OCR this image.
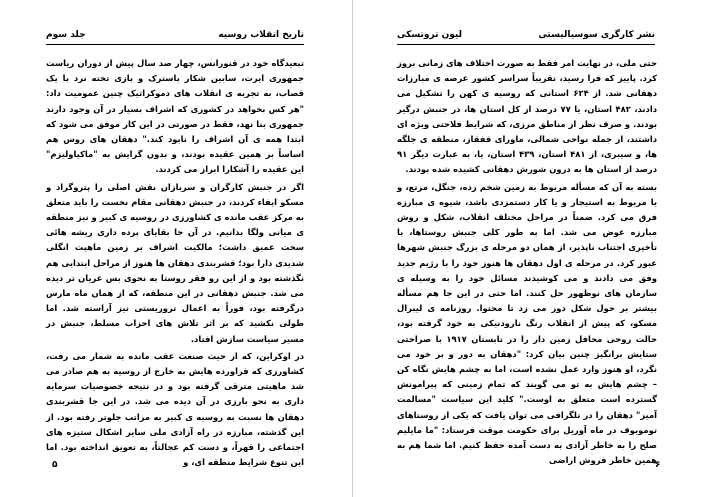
جلد سوم	تاریخ انقلاب روسیه

تبعیدگاه خود در قنورانس، چهار صد سال پیش از دوران ریاست جمهوری ایرت، سابین شکار باسترک و بازی تخته نرد با یک قصاب، به تجربه ی انقلاب های دموکراتیک چنین عمومیت داد: "هر کس بخواهد در کشوری که اشراف بسیار در آن وجود دارند جمهوری بنا نهد، فقط در صورتی در این کار موفق می شود که ابتدا همه ی آن اشراف را نابود کند." دهقان های روس هم اساساً بر همین عقیده بودند، و بدون گرایش به "ماکیاولیزم" این عقیده را آشکارا ابراز می کردند.

اگر در جنبش کارگران و سربازان نقش اصلی را پتروگراد و مسکو ایفاء کردند، در جنبش دهقانی مقام نخست را باید متعلق به مرکز عقب مانده ی کشاورزی در روسیه ی کبیر و نیز منطقه ی میانی ولگا بدانیم. در آن جا بقایای برده داری ریشه هائی سخت عمیق داشت؛ مالکیت اشراف بر زمین ماهیت انگلی شدیدی دارا بود؛ قشربندی دهقان ها هنوز از مراحل ابتدایی هم نگذشته بود و از این رو فقر روستا به نحوی بس عریان تر دیده می شد. جنبش دهقانی در این منطقه، که از همان ماه مارس درگرفته بود، فوراً به اعمال تروریستی نیز آراسته شد. اما طولی نکشید که بر اثر تلاش های احزاب مسلط، جنبش در مسیر سیاست سازش افتاد.

در اوکراین، که از حیث صنعت عقب مانده به شمار می رفت، کشاورزی که فراورده هایش به خارج از روسیه به هم صادر می شد ماهیتی مترقی گرفته بود و در نتیجه خصوصیات سرمایه داری به نحو بارزی در آن دیده می شد. در این جا قشربندی دهقان ها نسبت به روسیه ی کبیر به مراتب جلوتر رفته بود. از این گذشته، مبارزه در راه آزادی ملی سایر اشکال ستیزه های اجتماعی را قهراً، و دست کم عجالتاً، به تعویق انداخته بود. اما این تنوع شرایط منطقه ای، و

۵
لیون تروتسکی	نشر کارگری سوسیالیستی

حتی ملی، در نهایت امر فقط به صورت اختلاف های زمانی بروز کرد. پاییز که فرا رسید، تقریباً سراسر کشور عرصه ی مبارزات دهقانی شد. از ۶۲۴ استانی که روسیه ی کهن را تشکیل می دادند، ۴۸۲ استان، یا ۷۷ درصد از کل استان ها، در جنبش درگیر بودند. و صرف نظر از مناطق مرزی، که شرایط فلاحتی ویژه ای داشتند، از جمله نواحی شمالی، ماورای قفقاز، منطقه ی جلگه ها، و سیبری، از ۴۸۱ استان، ۴۳۹ استان، یا، به عبارت دیگر ۹۱ درصد از استان ها به درون شورش دهقانی کشیده شده بودند.

بسته به آن که مسأله مربوط به زمین شخم زده، جنگل، مرتع، و یا مربوط به استیجار و یا کار دستمزدی باشد، شیوه ی مبارزه فرق می کرد. ضمناً در مراحل مختلف انقلاب، شکل و روش مبارزه عوض می شد. اما به طور کلی جنبش روستاها، با تأخیری اجتناب ناپذیر، از همان دو مرحله ی بزرگ جنبش شهرها عبور کرد. در مرحله ی اول دهقان ها هنوز خود را با رژیم جدید وفق می دادند و می کوشیدند مسائل خود را به وسیله ی سازمان های نوظهور حل کنند. اما حتی در این جا هم مسأله بیشتر بر حول شکل دور می زد تا محتوا. روزنامه ی لیبرال مسکو، که پیش از انقلاب رنگ نارودنیکی به خود گرفته بود، حالت روحی محافل زمین دار را در تابستان ۱۹۱۷ با صراحتی ستایش برانگیز چنین بیان کرد: "دهقان به دور و بر خود می نگرد، او هنوز وارد عمل نشده است، اما به چشم هایش نگاه کن – چشم هایش به تو می گویند که تمام زمینی که پیرامونش گسترده است متعلق به اوست." کلید این سیاست "مسالمت آمیز" دهقان را در تلگرافی می توان یافت که یکی از روستاهای توموبوف در ماه آوریل برای حکومت موقت فرستاد: "ما مایلیم صلح را به خاطر آزادی به دست آمده حفظ کنیم. اما شما هم به همین خاطر فروش اراضی

۶
